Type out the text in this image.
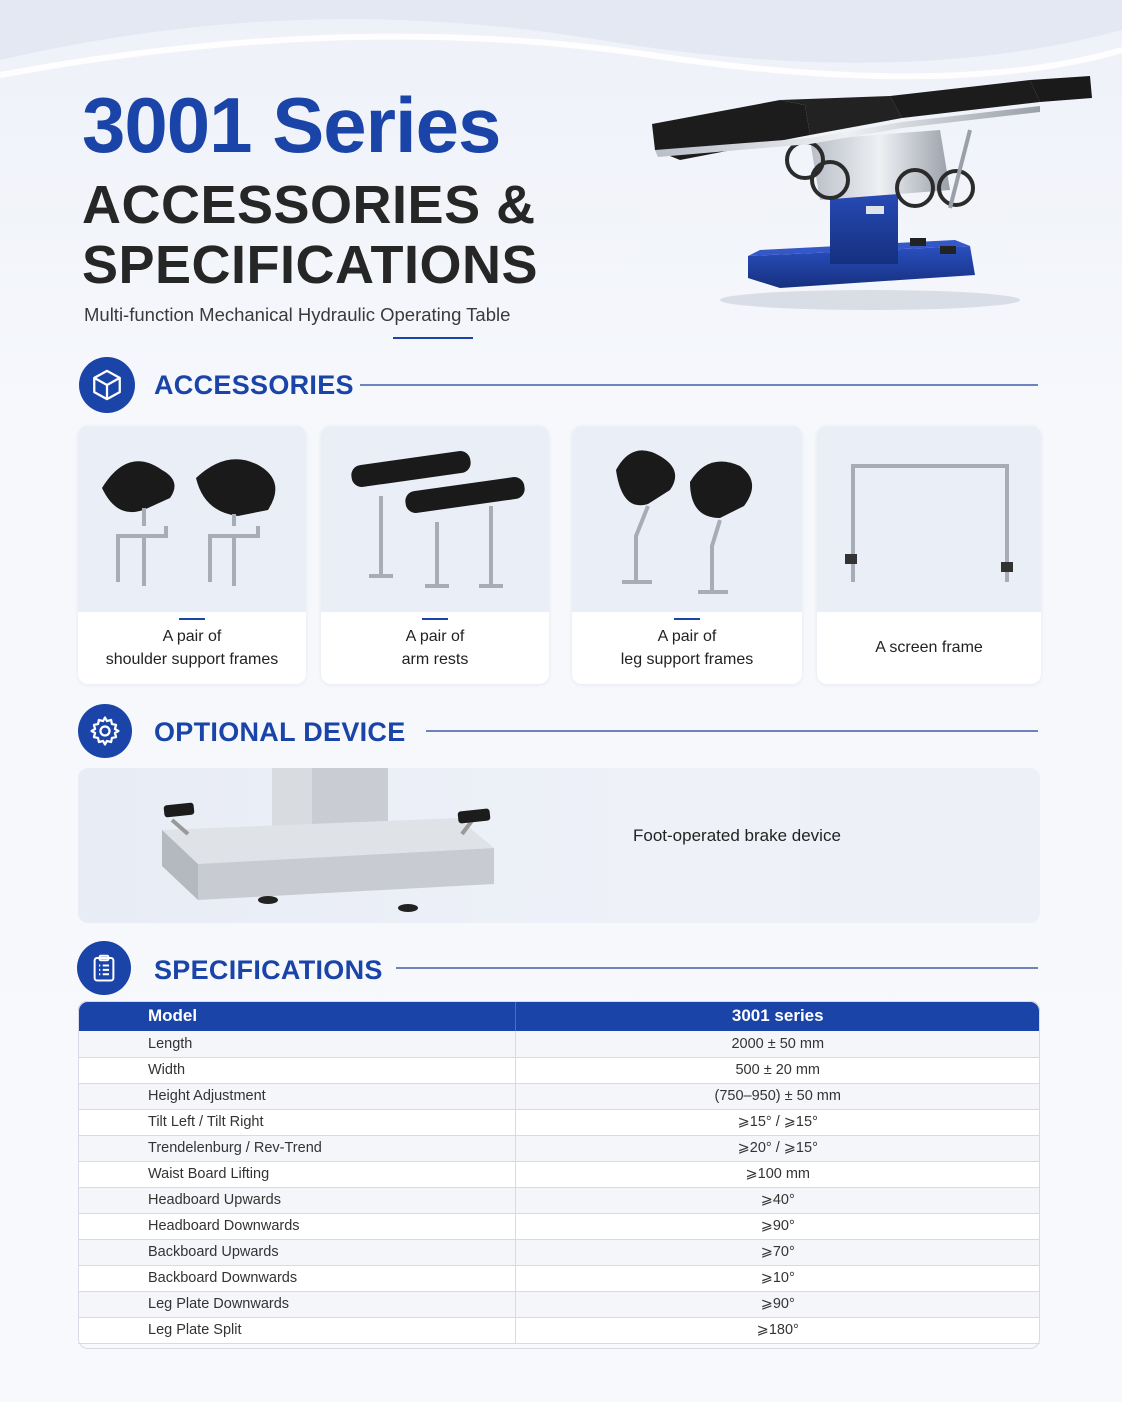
3001 Series
ACCESSORIES &
SPECIFICATIONS
Multi-function Mechanical Hydraulic Operating Table
ACCESSORIES
A pair of
shoulder support frames
A pair of
arm rests
A pair of
leg support frames
A screen frame
OPTIONAL DEVICE
Foot-operated brake device
SPECIFICATIONS
Model	3001 series
Length	2000 ± 50 mm
Width	500 ± 20 mm
Height Adjustment	(750–950) ± 50 mm
Tilt Left / Tilt Right	⩾15° / ⩾15°
Trendelenburg / Rev-Trend	⩾20° / ⩾15°
Waist Board Lifting	⩾100 mm
Headboard Upwards	⩾40°
Headboard Downwards	⩾90°
Backboard Upwards	⩾70°
Backboard Downwards	⩾10°
Leg Plate Downwards	⩾90°
Leg Plate Split	⩾180°
